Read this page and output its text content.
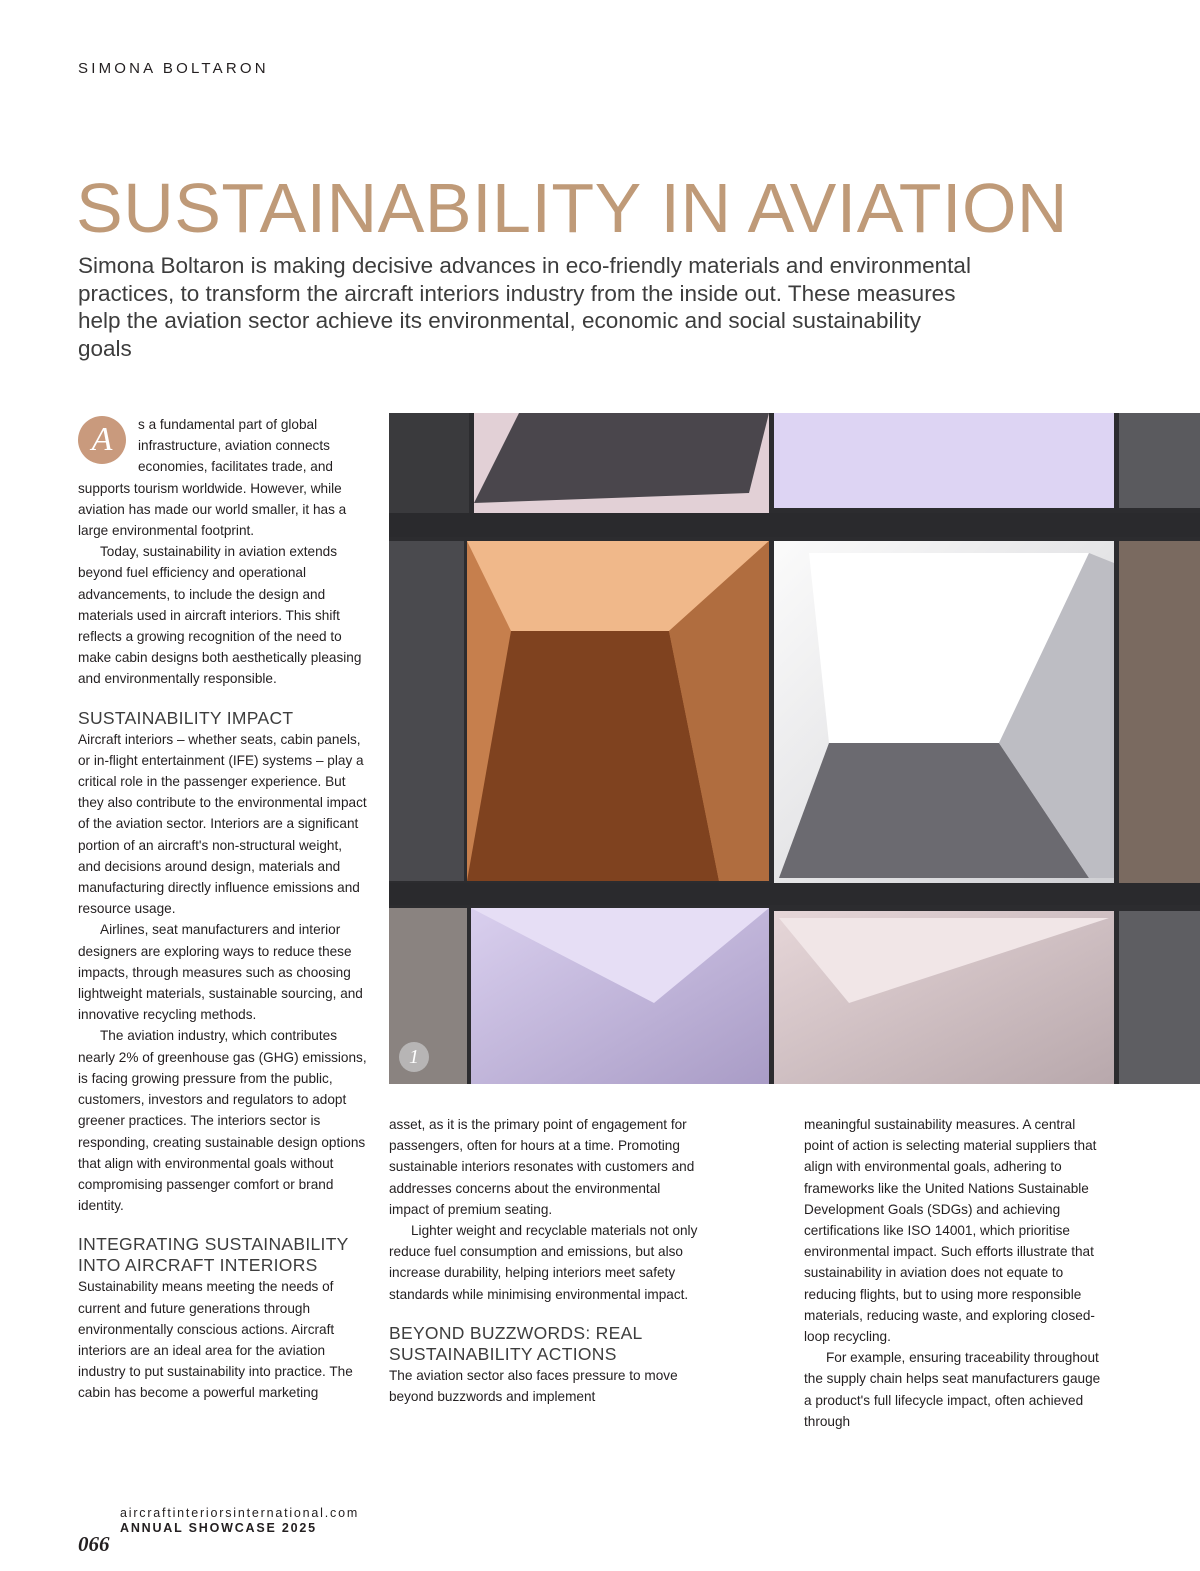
SIMONA BOLTARON
SUSTAINABILITY IN AVIATION

Simona Boltaron is making decisive advances in eco-friendly materials and environmental practices, to transform the aircraft interiors industry from the inside out. These measures help the aviation sector achieve its environmental, economic and social sustainability goals

A	s a fundamental part of global infrastructure, aviation connects economies, facilitates trade, and supports tourism worldwide. However, while aviation has made our world smaller, it has a large environmental footprint.

Today, sustainability in aviation extends beyond fuel efficiency and operational advancements, to include the design and materials used in aircraft interiors. This shift reflects a growing recognition of the need to make cabin designs both aesthetically pleasing and environmentally responsible.

SUSTAINABILITY IMPACT

Aircraft interiors – whether seats, cabin panels, or in-flight entertainment (IFE) systems – play a critical role in the passenger experience. But they also contribute to the environmental impact of the aviation sector. Interiors are a significant portion of an aircraft's non-structural weight, and decisions around design, materials and manufacturing directly influence emissions and resource usage.

Airlines, seat manufacturers and interior designers are exploring ways to reduce these impacts, through measures such as choosing lightweight materials, sustainable sourcing, and innovative recycling methods.

The aviation industry, which contributes nearly 2% of greenhouse gas (GHG) emissions, is facing growing pressure from the public, customers, investors and regulators to adopt greener practices. The interiors sector is responding, creating sustainable design options that align with environmental goals without compromising passenger comfort or brand identity.

INTEGRATING SUSTAINABILITY INTO AIRCRAFT INTERIORS

Sustainability means meeting the needs of current and future generations through environmentally conscious actions. Aircraft interiors are an ideal area for the aviation industry to put sustainability into practice. The cabin has become a powerful marketing

1

asset, as it is the primary point of engagement for passengers, often for hours at a time. Promoting sustainable interiors resonates with customers and addresses concerns about the environmental impact of premium seating.

Lighter weight and recyclable materials not only reduce fuel consumption and emissions, but also increase durability, helping interiors meet safety standards while minimising environmental impact.

BEYOND BUZZWORDS: REAL SUSTAINABILITY ACTIONS

The aviation sector also faces pressure to move beyond buzzwords and implement

meaningful sustainability measures. A central point of action is selecting material suppliers that align with environmental goals, adhering to frameworks like the United Nations Sustainable Development Goals (SDGs) and achieving certifications like ISO 14001, which prioritise environmental impact. Such efforts illustrate that sustainability in aviation does not equate to reducing flights, but to using more responsible materials, reducing waste, and exploring closed-loop recycling.

For example, ensuring traceability throughout the supply chain helps seat manufacturers gauge a product's full lifecycle impact, often achieved through

066
aircraftinteriorsinternational.com
ANNUAL SHOWCASE 2025
